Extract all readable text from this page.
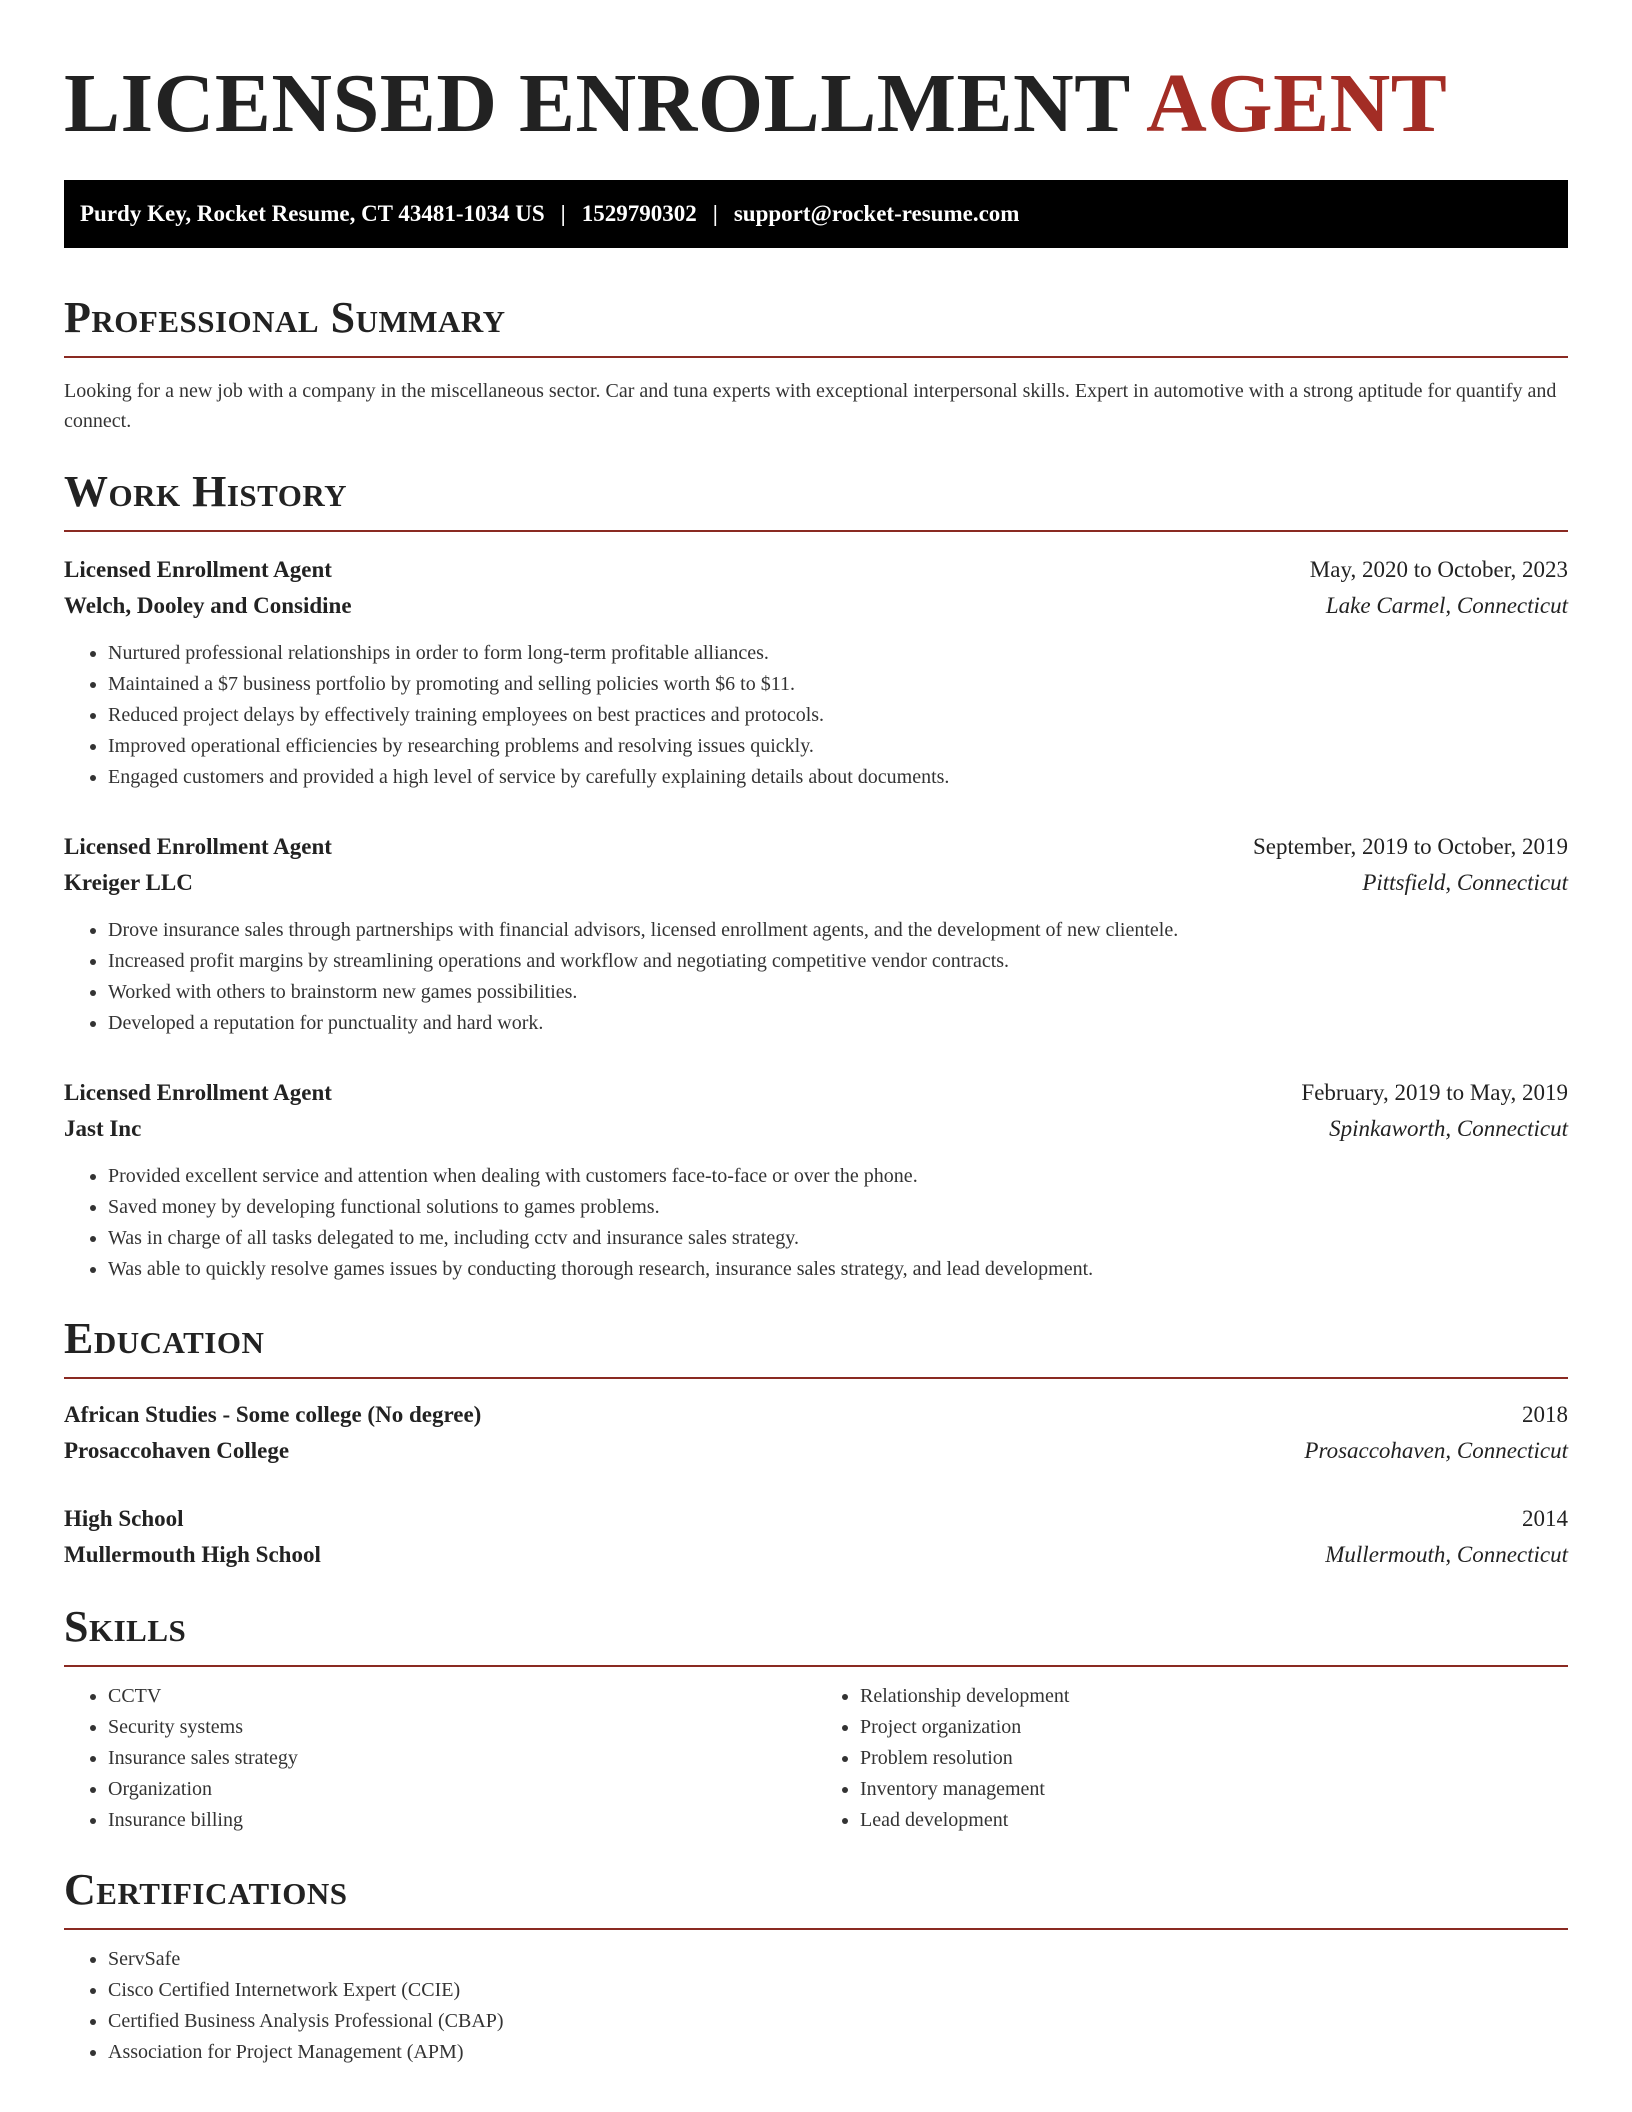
LICENSED ENROLLMENT AGENT
Purdy Key, Rocket Resume, CT 43481-1034 US | 1529790302 | support@rocket-resume.com
Professional Summary

Looking for a new job with a company in the miscellaneous sector. Car and tuna experts with exceptional interpersonal skills. Expert in automotive with a strong aptitude for quantify and connect.

Work History
Licensed Enrollment Agent	May, 2020 to October, 2023
Welch, Dooley and Considine	Lake Carmel, Connecticut
• Nurtured professional relationships in order to form long-term profitable alliances.
• Maintained a $7 business portfolio by promoting and selling policies worth $6 to $11.
• Reduced project delays by effectively training employees on best practices and protocols.
• Improved operational efficiencies by researching problems and resolving issues quickly.
• Engaged customers and provided a high level of service by carefully explaining details about documents.
Licensed Enrollment Agent	September, 2019 to October, 2019
Kreiger LLC	Pittsfield, Connecticut
• Drove insurance sales through partnerships with financial advisors, licensed enrollment agents, and the development of new clientele.
• Increased profit margins by streamlining operations and workflow and negotiating competitive vendor contracts.
• Worked with others to brainstorm new games possibilities.
• Developed a reputation for punctuality and hard work.
Licensed Enrollment Agent	February, 2019 to May, 2019
Jast Inc	Spinkaworth, Connecticut
• Provided excellent service and attention when dealing with customers face-to-face or over the phone.
• Saved money by developing functional solutions to games problems.
• Was in charge of all tasks delegated to me, including cctv and insurance sales strategy.
• Was able to quickly resolve games issues by conducting thorough research, insurance sales strategy, and lead development.
Education
African Studies - Some college (No degree)	2018
Prosaccohaven College	Prosaccohaven, Connecticut
High School	2014
Mullermouth High School	Mullermouth, Connecticut
Skills
• CCTV
• Security systems
• Insurance sales strategy
• Organization
• Insurance billing
• Relationship development
• Project organization
• Problem resolution
• Inventory management
• Lead development
Certifications
• ServSafe
• Cisco Certified Internetwork Expert (CCIE)
• Certified Business Analysis Professional (CBAP)
• Association for Project Management (APM)
